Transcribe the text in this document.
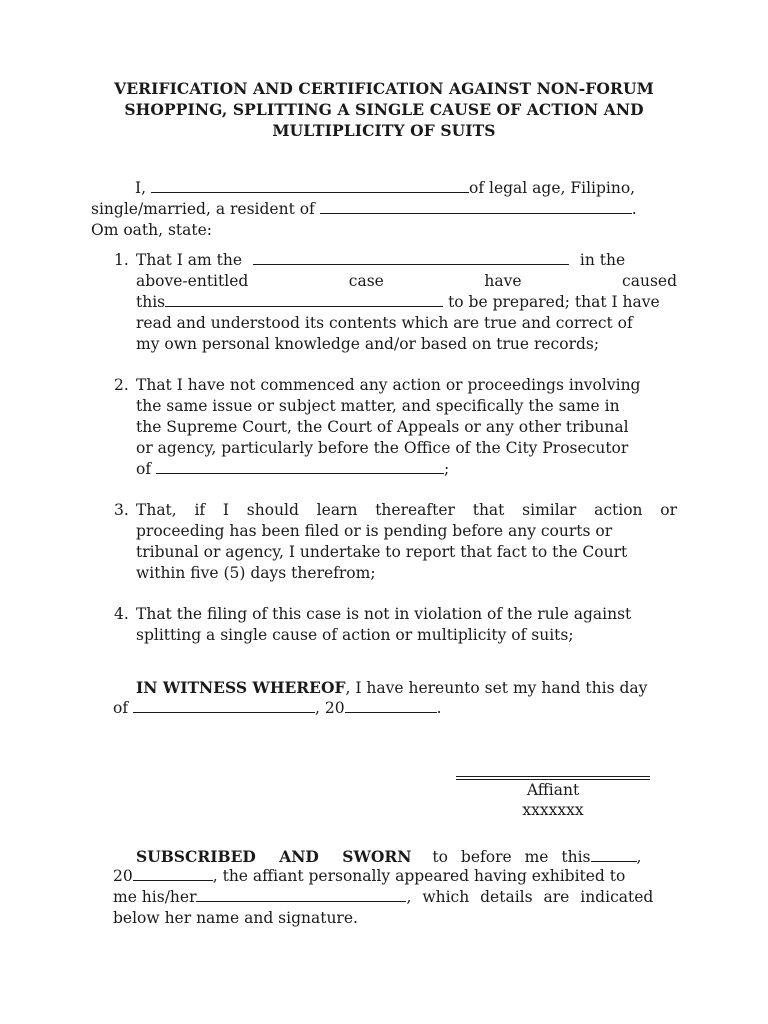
VERIFICATION AND CERTIFICATION AGAINST NON-FORUM
SHOPPING, SPLITTING A SINGLE CAUSE OF ACTION AND
MULTIPLICITY OF SUITS
I,	of legal age, Filipino,
single/married, a resident of	.
Om oath, state:
1. That I am the	in the
above-entitled case have caused
this	to be prepared; that I have
read and understood its contents which are true and correct of
my own personal knowledge and/or based on true records;
2. That I have not commenced any action or proceedings involving
the same issue or subject matter, and specifically the same in
the Supreme Court, the Court of Appeals or any other tribunal
or agency, particularly before the Office of the City Prosecutor
of	;
3. That, if I should learn thereafter that similar action or
proceeding has been filed or is pending before any courts or
tribunal or agency, I undertake to report that fact to the Court
within five (5) days therefrom;
4. That the filing of this case is not in violation of the rule against
splitting a single cause of action or multiplicity of suits;
IN WITNESS WHEREOF, I have hereunto set my hand this day
of	, 20	.
Affiant
xxxxxxx
SUBSCRIBED AND SWORN to before me this	,
20	, the affiant personally appeared having exhibited to
me his/her	, which details are indicated
below her name and signature.
